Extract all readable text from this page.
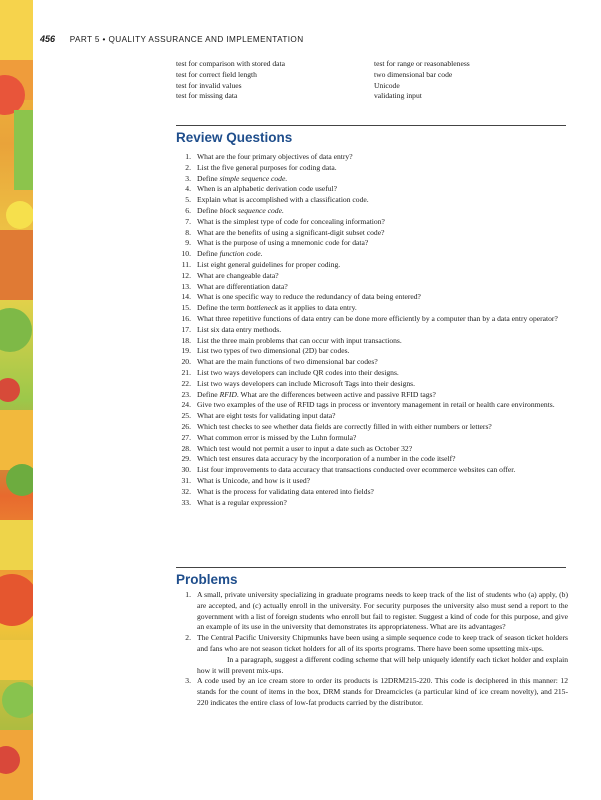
456 PART 5 • QUALITY ASSURANCE AND IMPLEMENTATION
test for comparison with stored data	test for range or reasonableness
test for correct field length	two dimensional bar code
test for invalid values	Unicode
test for missing data	validating input
Review Questions
1. What are the four primary objectives of data entry?
2. List the five general purposes for coding data.
3. Define simple sequence code.
4. When is an alphabetic derivation code useful?
5. Explain what is accomplished with a classification code.
6. Define block sequence code.
7. What is the simplest type of code for concealing information?
8. What are the benefits of using a significant-digit subset code?
9. What is the purpose of using a mnemonic code for data?
10. Define function code.
11. List eight general guidelines for proper coding.
12. What are changeable data?
13. What are differentiation data?
14. What is one specific way to reduce the redundancy of data being entered?
15. Define the term bottleneck as it applies to data entry.
16. What three repetitive functions of data entry can be done more efficiently by a computer than by a data entry operator?
17. List six data entry methods.
18. List the three main problems that can occur with input transactions.
19. List two types of two dimensional (2D) bar codes.
20. What are the main functions of two dimensional bar codes?
21. List two ways developers can include QR codes into their designs.
22. List two ways developers can include Microsoft Tags into their designs.
23. Define RFID. What are the differences between active and passive RFID tags?
24. Give two examples of the use of RFID tags in process or inventory management in retail or health care environments.
25. What are eight tests for validating input data?
26. Which test checks to see whether data fields are correctly filled in with either numbers or letters?
27. What common error is missed by the Luhn formula?
28. Which test would not permit a user to input a date such as October 32?
29. Which test ensures data accuracy by the incorporation of a number in the code itself?
30. List four improvements to data accuracy that transactions conducted over ecommerce websites can offer.
31. What is Unicode, and how is it used?
32. What is the process for validating data entered into fields?
33. What is a regular expression?
Problems
1. A small, private university specializing in graduate programs needs to keep track of the list of students who (a) apply, (b) are accepted, and (c) actually enroll in the university. For security purposes the university also must send a report to the government with a list of foreign students who enroll but fail to register. Suggest a kind of code for this purpose, and give an example of its use in the university that demonstrates its appropriateness. What are its advantages?
2. The Central Pacific University Chipmunks have been using a simple sequence code to keep track of season ticket holders and fans who are not season ticket holders for all of its sports programs. There have been some upsetting mix-ups.
In a paragraph, suggest a different coding scheme that will help uniquely identify each ticket holder and explain how it will prevent mix-ups.
3. A code used by an ice cream store to order its products is 12DRM215-220. This code is deciphered in this manner: 12 stands for the count of items in the box, DRM stands for Dreamcicles (a particular kind of ice cream novelty), and 215-220 indicates the entire class of low-fat products carried by the distributor.
